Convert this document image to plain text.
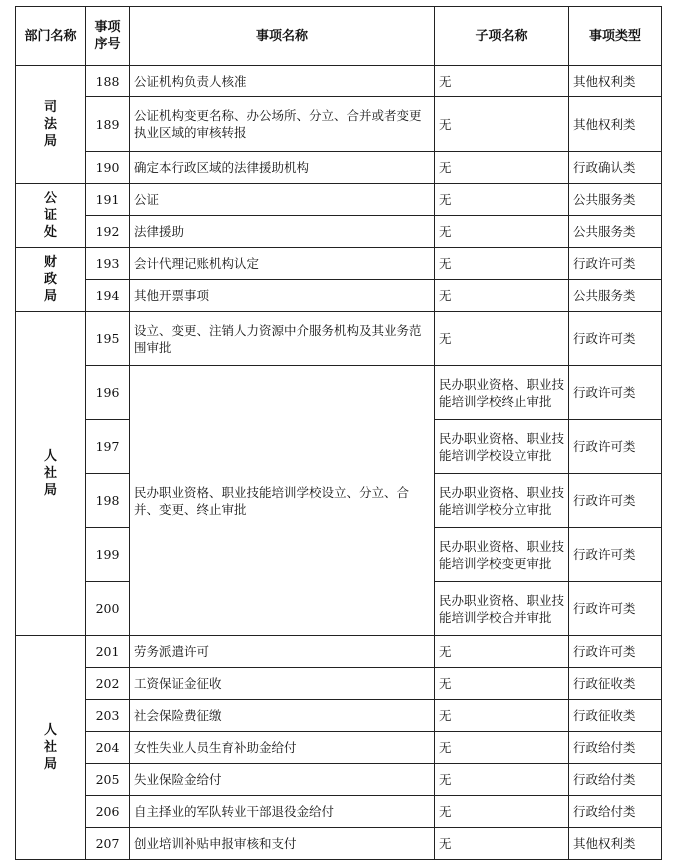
部门名称	事项序号	事项名称	子项名称	事项类型
司法局	188	公证机构负责人核准	无	其他权利类
	189	公证机构变更名称、办公场所、分立、合并或者变更执业区域的审核转报	无	其他权利类
	190	确定本行政区域的法律援助机构	无	行政确认类
公证处	191	公证	无	公共服务类
	192	法律援助	无	公共服务类
财政局	193	会计代理记账机构认定	无	行政许可类
	194	其他开票事项	无	公共服务类
人社局	195	设立、变更、注销人力资源中介服务机构及其业务范围审批	无	行政许可类
	196	民办职业资格、职业技能培训学校设立、分立、合并、变更、终止审批	民办职业资格、职业技能培训学校终止审批	行政许可类
	197		民办职业资格、职业技能培训学校设立审批	行政许可类
	198		民办职业资格、职业技能培训学校分立审批	行政许可类
	199		民办职业资格、职业技能培训学校变更审批	行政许可类
	200		民办职业资格、职业技能培训学校合并审批	行政许可类
人社局	201	劳务派遣许可	无	行政许可类
	202	工资保证金征收	无	行政征收类
	203	社会保险费征缴	无	行政征收类
	204	女性失业人员生育补助金给付	无	行政给付类
	205	失业保险金给付	无	行政给付类
	206	自主择业的军队转业干部退役金给付	无	行政给付类
	207	创业培训补贴申报审核和支付	无	其他权利类
